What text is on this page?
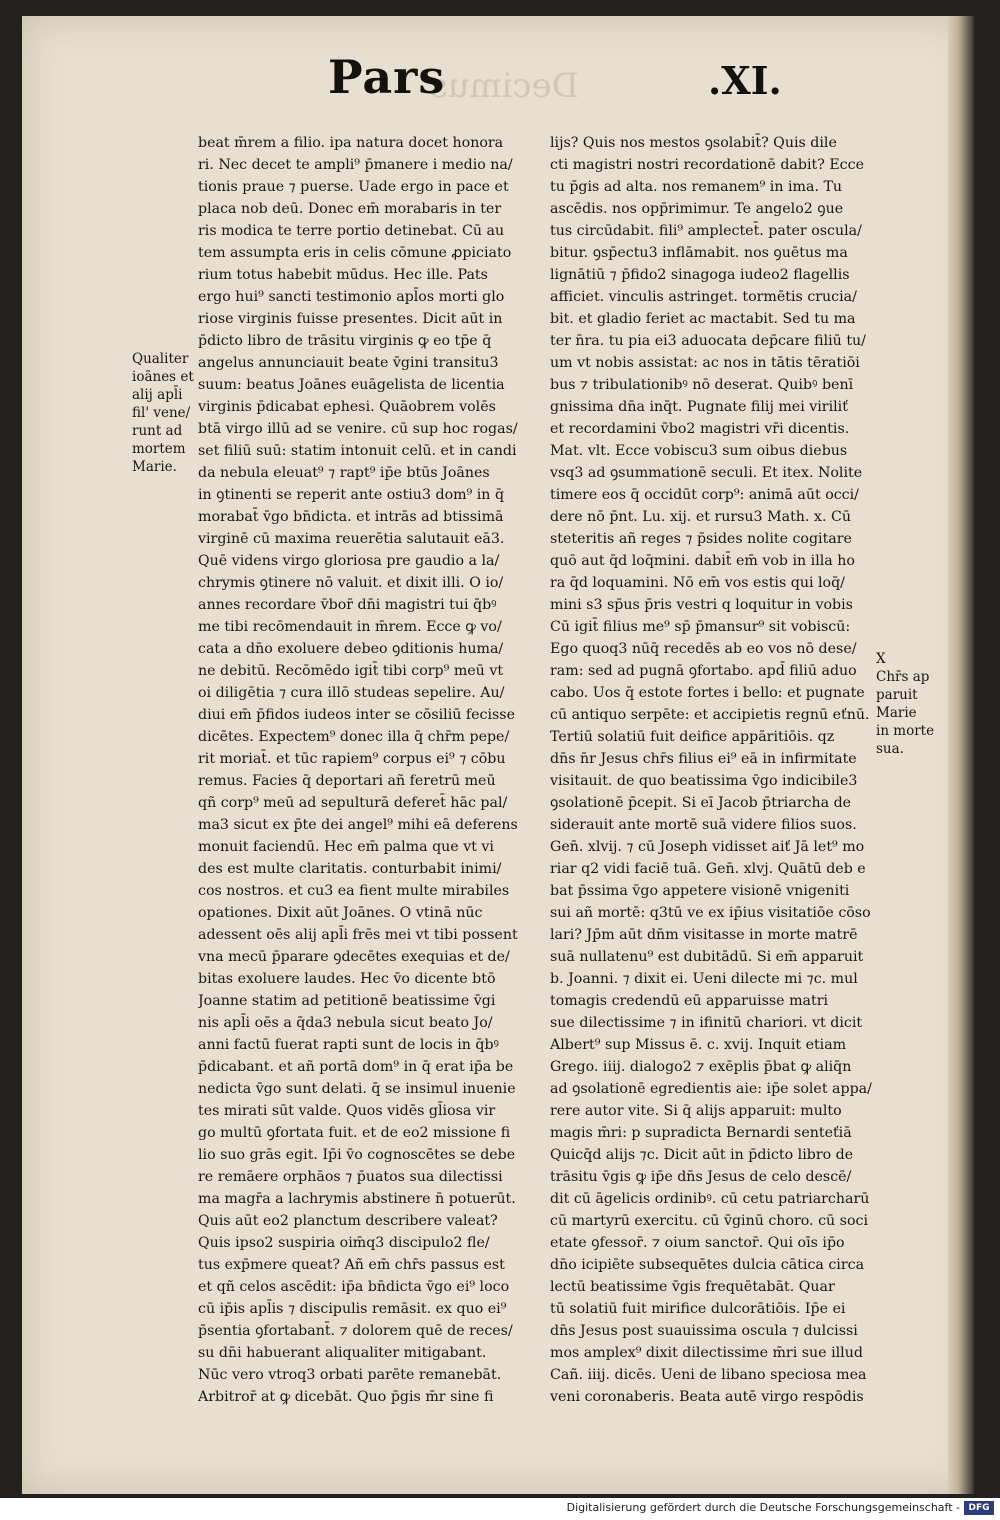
Decimus
Pars	.XI.
beat m̄rem a filio. ipa natura docet honora
ri. Nec decet te ampli⁹ p̄manere i medio na/
tionis praue ⁊ puerse. Uade ergo in pace et
placa nob deū. Donec em̄ morabaris in ter
ris modica te terre portio detinebat. Cū au
tem assumpta eris in celis cōmune ꝓpiciato
rium totus habebit mūdus. Hec ille. Pats
ergo hui⁹ sancti testimonio apl̄os morti glo
riose virginis fuisse presentes. Dicit aūt in
p̄dicto libro de trāsitu virginis ꝙ eo tp̄e q̄
angelus annunciauit beate v̄gini transitu3
suum: beatus Joānes euāgelista de licentia
virginis p̄dicabat ephesi. Quāobrem volēs
btā virgo illū ad se venire. cū sup hoc rogas/
set filiū suū: statim intonuit celū. et in candi
da nebula eleuat⁹ ⁊ rapt⁹ ip̄e btūs Joānes
in ꝯtinenti se reperit ante ostiu3 dom⁹ in q̄
morabat̄ v̄go bn̄dicta. et intrās ad btissimā
virginē cū maxima reuerētia salutauit eā3.
Quē videns virgo gloriosa pre gaudio a la/
chrymis ꝯtinere nō valuit. et dixit illi. O io/
annes recordare v̄bor̄ dn̄i magistri tui q̄bꝰ
me tibi recōmendauit in m̄rem. Ecce ꝙ vo/
cata a dn̄o exoluere debeo ꝯditionis huma/
ne debitū. Recōmēdo igit̄ tibi corp⁹ meū vt
oi diligētia ⁊ cura illō studeas sepelire. Au/
diui em̄ p̄fidos iudeos inter se cōsiliū fecisse
dicētes. Expectem⁹ donec illa q̄ chr̄m pepe/
rit moriat̄. et tūc rapiem⁹ corpus ei⁹ ⁊ cōbu
remus. Facies q̄ deportari añ feretrū meū
qñ corp⁹ meū ad sepulturā deferet̄ hāc pal/
ma3 sicut ex p̄te dei angel⁹ mihi eā deferens
monuit faciendū. Hec em̄ palma que vt vi
des est multe claritatis. conturbabit inimi/
cos nostros. et cu3 ea fient multe mirabiles
opationes. Dixit aūt Joānes. O vtinā nūc
adessent oēs alij apl̄i frēs mei vt tibi possent
vna mecū p̄parare ꝯdecētes exequias et de/
bitas exoluere laudes. Hec v̄o dicente btō
Joanne statim ad petitionē beatissime v̄gi
nis apl̄i oēs a q̄da3 nebula sicut beato Jo/
anni factū fuerat rapti sunt de locis in q̄bꝰ
p̄dicabant. et añ portā dom⁹ in q̄ erat ip̄a be
nedicta v̄go sunt delati. q̄ se insimul inuenie
tes mirati sūt valde. Quos vidēs gl̄iosa vir
go multū ꝯfortata fuit. et de eo2 missione fi
lio suo grās egit. Ip̄i v̄o cognoscētes se debe
re remāere orphāos ⁊ p̄uatos sua dilectissi
ma magr̄a a lachrymis abstinere n̄ potuerūt.
Quis aūt eo2 planctum describere valeat?
Quis ipso2 suspiria oim̄q3 discipulo2 fle/
tus exp̄mere queat? Añ em̄ chr̄s passus est
et qñ celos ascēdit: ip̄a bn̄dicta v̄go ei⁹ loco
cū ip̄is apl̄is ⁊ discipulis remāsit. ex quo ei⁹
p̄sentia ꝯfortabant̄. ⁊ dolorem quē de reces/
su dn̄i habuerant aliqualiter mitigabant.
Nūc vero vtroq3 orbati parēte remanebāt.
Arbitror̄ at ꝙ dicebāt. Quo p̄gis m̄r sine fi
lijs? Quis nos mestos ꝯsolabit̄? Quis dile
cti magistri nostri recordationē dabit? Ecce
tu p̄gis ad alta. nos remanem⁹ in ima. Tu
ascēdis. nos opp̄rimimur. Te angelo2 ꝯue
tus circūdabit. fili⁹ amplectet̄. pater oscula/
bitur. ꝯsp̄ectu3 inflāmabit. nos ꝯuētus ma
lignātiū ⁊ p̄fido2 sinagoga iudeo2 flagellis
afficiet. vinculis astringet. tormētis crucia/
bit. et gladio feriet ac mactabit. Sed tu ma
ter n̄ra. tu pia ei3 aduocata dep̄care filiū tu/
um vt nobis assistat: ac nos in tātis tēratiōi
bus ⁊ tribulationibꝰ nō deserat. Quibꝰ benī
gnissima dn̄a inq̄t. Pugnate filij mei viriliť
et recordamini v̄bo2 magistri vr̄i dicentis.
Mat. vlt. Ecce vobiscu3 sum oibus diebus
vsq3 ad ꝯsummationē seculi. Et itex. Nolite
timere eos q̄ occidūt corp⁹: animā aūt occi/
dere nō p̄nt. Lu. xij. et rursu3 Math. x. Cū
steteritis añ reges ⁊ p̄sides nolite cogitare
quō aut q̄d loq̄mini. dabit̄ em̄ vob in illa ho
ra q̄d loquamini. Nō em̄ vos estis qui loq̄/
mini s3 sp̄us p̄ris vestri q loquitur in vobis
Cū igit̄ filius me⁹ sp̄ p̄mansur⁹ sit vobiscū:
Ego quoq3 nūq̄ recedēs ab eo vos nō dese/
ram: sed ad pugnā ꝯfortabo. apd̄ filiū aduo
cabo. Uos q̄ estote fortes i bello: et pugnate
cū antiquo serpēte: et accipietis regnū eťnū.
Tertiū solatiū fuit deifice appāritiōis. qz
dn̄s n̄r Jesus chr̄s filius ei⁹ eā in infirmitate
visitauit. de quo beatissima v̄go indicibile3
ꝯsolationē p̄cepit. Si eī Jacob p̄triarcha de
siderauit ante mortē suā videre filios suos.
Gen̄. xlvij. ⁊ cū Joseph vidisset aiť Jā let⁹ mo
riar q2 vidi faciē tuā. Gen̄. xlvj. Quātū deb e
bat p̄ssima v̄go appetere visionē vnigeniti
sui añ mortē: q3tū ve ex ip̄ius visitatiōe cōso
lari? Jp̄m aūt dn̄m visitasse in morte matrē
suā nullatenu⁹ est dubitādū. Si em̄ apparuit
b. Joanni. ⁊ dixit ei. Ueni dilecte mi ⁊c. mul
tomagis credendū eū apparuisse matri
sue dilectissime ⁊ in ifinitū chariori. vt dicit
Albert⁹ sup Missus ē. c. xvij. Inquit etiam
Grego. iiij. dialogo2 ⁊ exēplis p̄bat ꝙ aliq̄n
ad ꝯsolationē egredientis aie: ip̄e solet appa/
rere autor vite. Si q̄ alijs apparuit: multo
magis m̄ri: p supradicta Bernardi senteťiā
Quicq̄d alijs ⁊c. Dicit aūt in p̄dicto libro de
trāsitu v̄gis ꝙ ip̄e dn̄s Jesus de celo descē/
dit cū āgelicis ordinibꝰ. cū cetu patriarcharū
cū martyrū exercitu. cū v̄ginū choro. cū soci
etate ꝯfessor̄. ⁊ oium sanctor̄. Qui oīs ip̄o
dn̄o icipiēte subsequētes dulcia cātica circa
lectū beatissime v̄gis frequētabāt. Quar
tū solatiū fuit mirifice dulcorātiōis. Ip̄e ei
dn̄s Jesus post suauissima oscula ⁊ dulcissi
mos amplex⁹ dixit dilectissime m̄ri sue illud
Cañ. iiij. dicēs. Ueni de libano speciosa mea
veni coronaberis. Beata autē virgo respōdis
Qualiter
ioānes et
alij apl̄i
fil' vene/
runt ad
mortem
Marie.
X
Chr̄s ap
paruit
Marie
in morte
sua.
Digitalisierung gefördert durch die Deutsche Forschungsgemeinschaft - DFG
